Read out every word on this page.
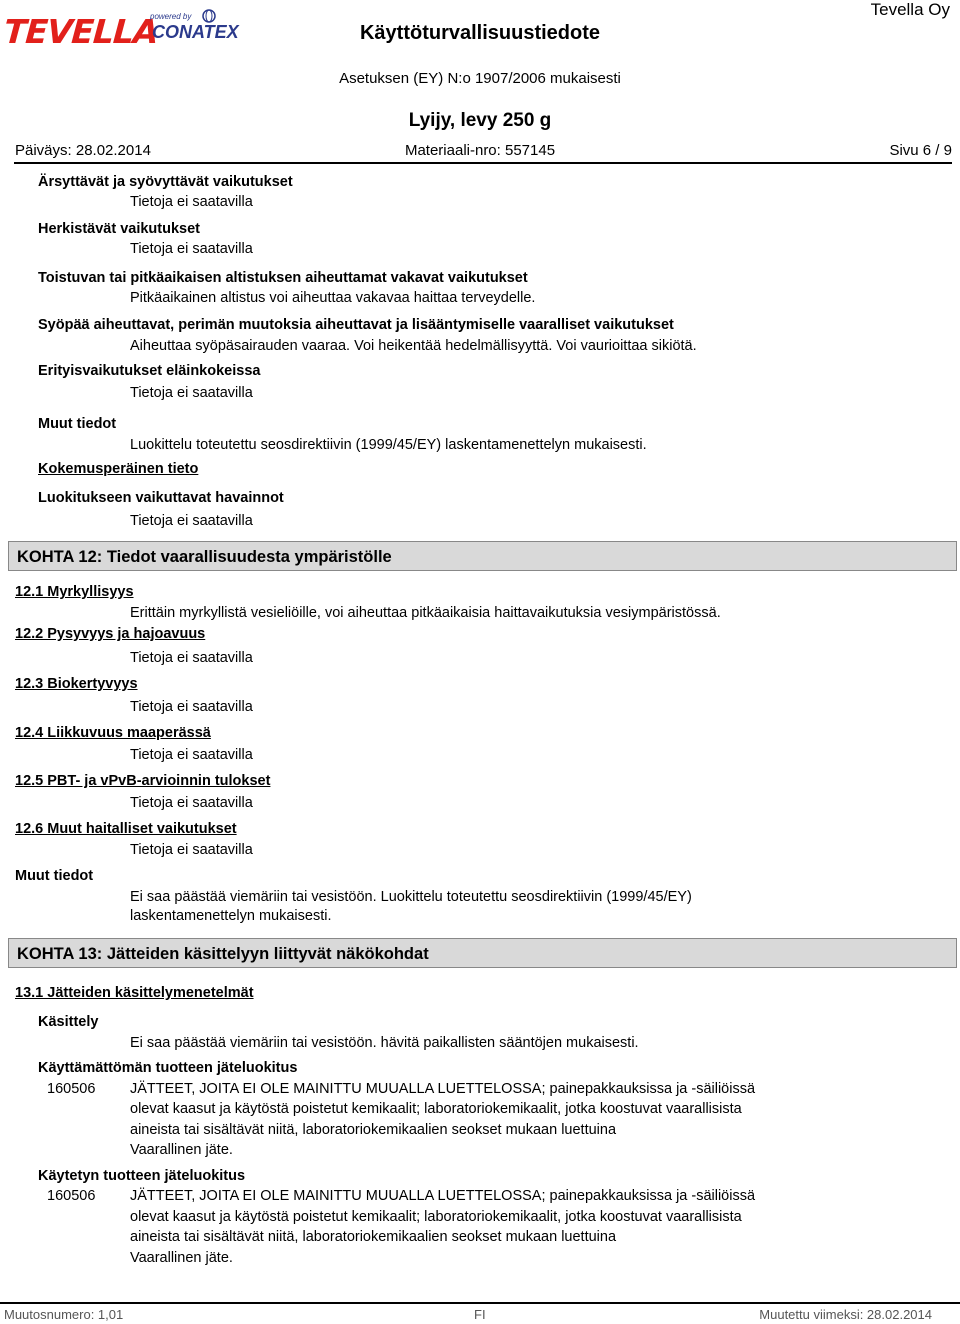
TEVELLA
powered by
CONATEX	Käyttöturvallisuustiedote
Tevella Oy
Asetuksen (EY) N:o 1907/2006 mukaisesti
Lyijy, levy 250 g
Päiväys: 28.02.2014	Materiaali-nro: 557145	Sivu 6 / 9
Ärsyttävät ja syövyttävät vaikutukset
Tietoja ei saatavilla
Herkistävät vaikutukset
Tietoja ei saatavilla
Toistuvan tai pitkäaikaisen altistuksen aiheuttamat vakavat vaikutukset
Pitkäaikainen altistus voi aiheuttaa vakavaa haittaa terveydelle.
Syöpää aiheuttavat, perimän muutoksia aiheuttavat ja lisääntymiselle vaaralliset vaikutukset
Aiheuttaa syöpäsairauden vaaraa. Voi heikentää hedelmällisyyttä. Voi vaurioittaa sikiötä.
Erityisvaikutukset eläinkokeissa
Tietoja ei saatavilla
Muut tiedot
Luokittelu toteutettu seosdirektiivin (1999/45/EY) laskentamenettelyn mukaisesti.
Kokemusperäinen tieto
Luokitukseen vaikuttavat havainnot
Tietoja ei saatavilla
KOHTA 12: Tiedot vaarallisuudesta ympäristölle
12.1 Myrkyllisyys
Erittäin myrkyllistä vesieliöille, voi aiheuttaa pitkäaikaisia haittavaikutuksia vesiympäristössä.
12.2 Pysyvyys ja hajoavuus
Tietoja ei saatavilla
12.3 Biokertyvyys
Tietoja ei saatavilla
12.4 Liikkuvuus maaperässä
Tietoja ei saatavilla
12.5 PBT- ja vPvB-arvioinnin tulokset
Tietoja ei saatavilla
12.6 Muut haitalliset vaikutukset
Tietoja ei saatavilla
Muut tiedot
Ei saa päästää viemäriin tai vesistöön. Luokittelu toteutettu seosdirektiivin (1999/45/EY)
laskentamenettelyn mukaisesti.
KOHTA 13: Jätteiden käsittelyyn liittyvät näkökohdat
13.1 Jätteiden käsittelymenetelmät
Käsittely
Ei saa päästää viemäriin tai vesistöön. hävitä paikallisten sääntöjen mukaisesti.
Käyttämättömän tuotteen jäteluokitus
160506 JÄTTEET, JOITA EI OLE MAINITTU MUUALLA LUETTELOSSA; painepakkauksissa ja -säiliöissä
olevat kaasut ja käytöstä poistetut kemikaalit; laboratoriokemikaalit, jotka koostuvat vaarallisista
aineista tai sisältävät niitä, laboratoriokemikaalien seokset mukaan luettuina
Vaarallinen jäte.
Käytetyn tuotteen jäteluokitus
160506 JÄTTEET, JOITA EI OLE MAINITTU MUUALLA LUETTELOSSA; painepakkauksissa ja -säiliöissä
olevat kaasut ja käytöstä poistetut kemikaalit; laboratoriokemikaalit, jotka koostuvat vaarallisista
aineista tai sisältävät niitä, laboratoriokemikaalien seokset mukaan luettuina
Vaarallinen jäte.
Muutosnumero: 1,01	FI	Muutettu viimeksi: 28.02.2014
